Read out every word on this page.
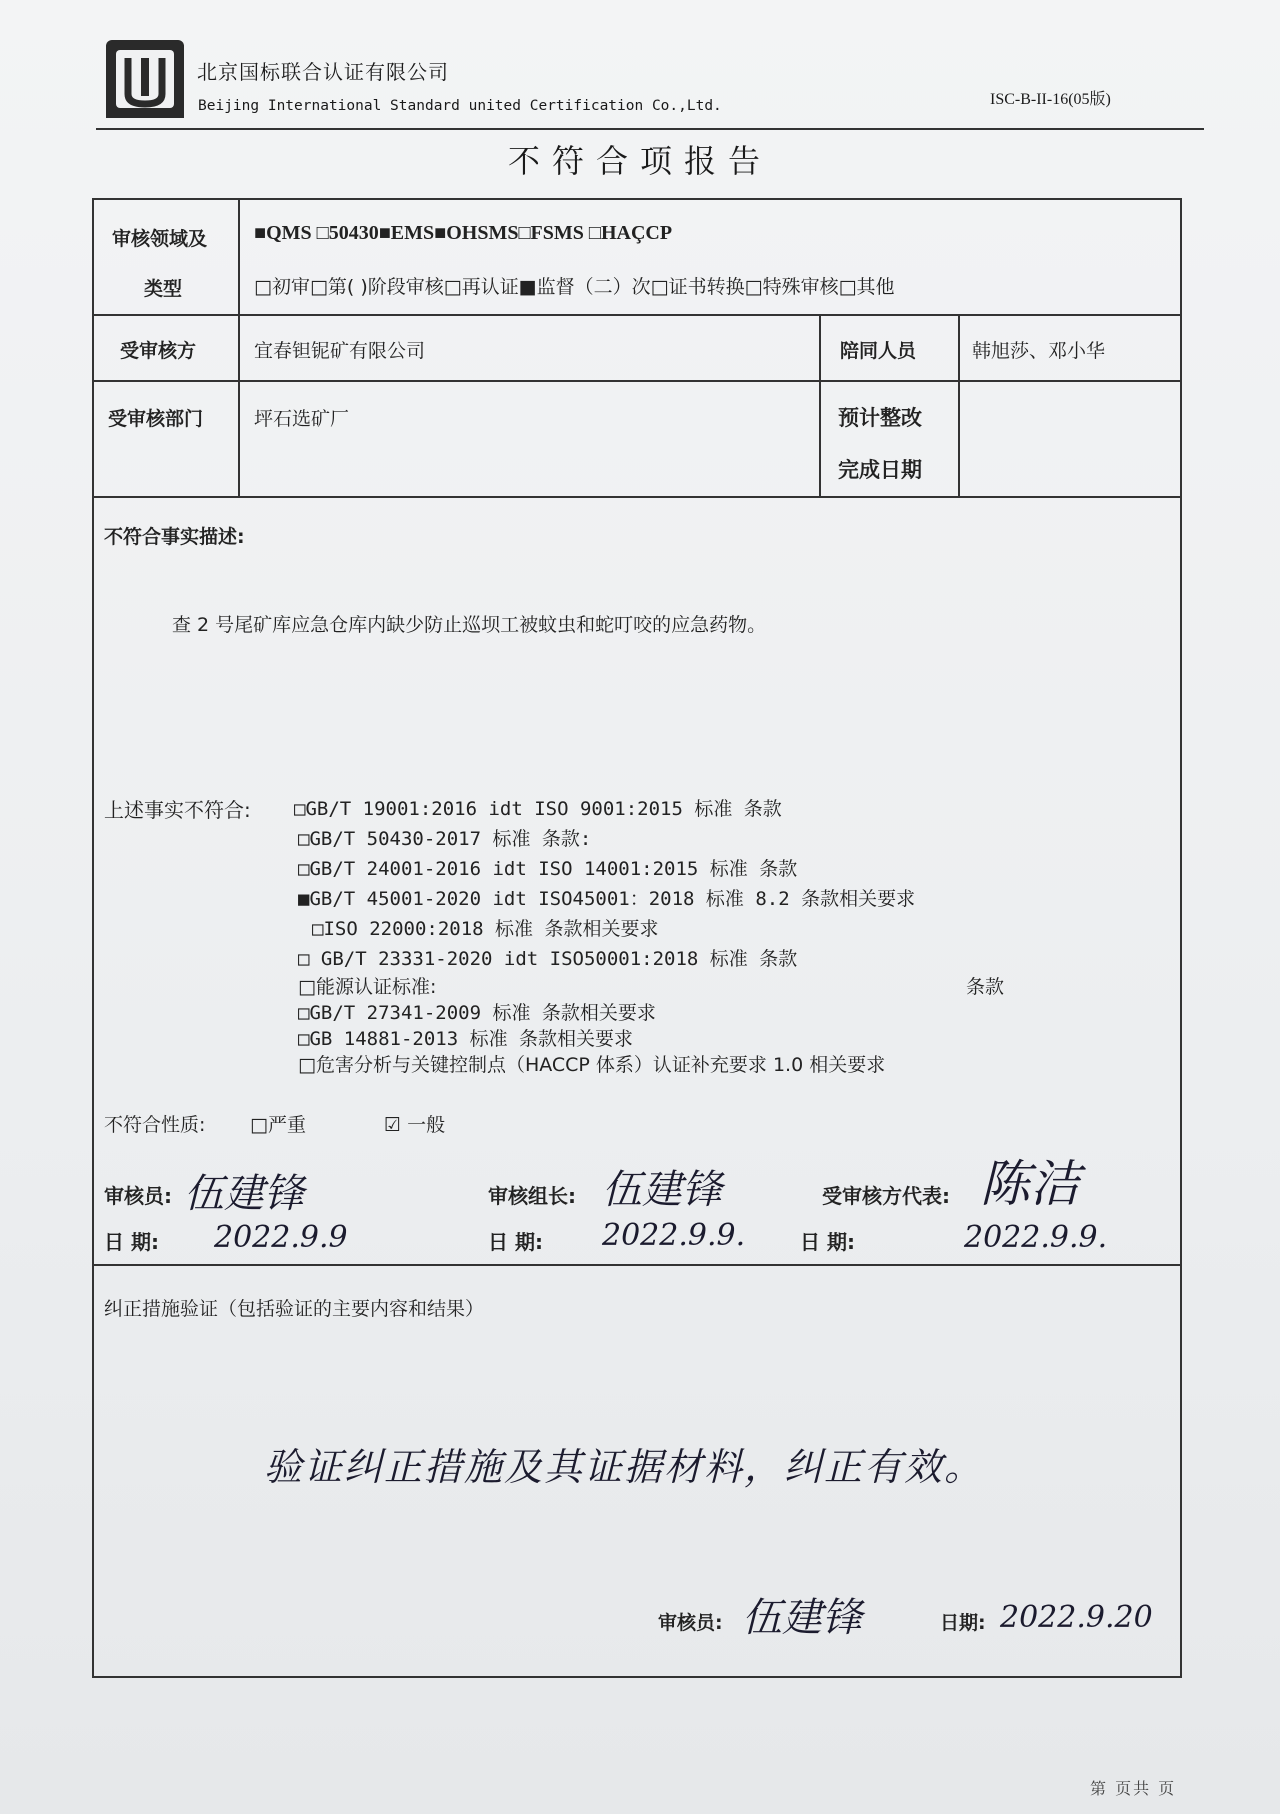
北京国标联合认证有限公司
Beijing International Standard united Certification Co.,Ltd.	ISC-B-II-16(05版)
不符合项报告
审核领域及
类型
■QMS □50430■EMS■OHSMS□FSMS □HAÇCP
□初审□第( )阶段审核□再认证■监督（二）次□证书转换□特殊审核□其他
受审核方	宜春钽铌矿有限公司	陪同人员	韩旭莎、邓小华
受审核部门	坪石选矿厂	预计整改
完成日期
不符合事实描述:
查 2 号尾矿库应急仓库内缺少防止巡坝工被蚊虫和蛇叮咬的应急药物。
上述事实不符合: □GB/T 19001:2016 idt ISO 9001:2015 标准 条款
□GB/T 50430-2017 标准 条款:
□GB/T 24001-2016 idt ISO 14001:2015 标准 条款
■GB/T 45001-2020 idt ISO45001：2018 标准 8.2 条款相关要求
□ISO 22000:2018 标准 条款相关要求
□ GB/T 23331-2020 idt ISO50001:2018 标准 条款
□能源认证标准:	条款
□GB/T 27341-2009 标准 条款相关要求
□GB 14881-2013 标准 条款相关要求
□危害分析与关键控制点（HACCP 体系）认证补充要求 1.0 相关要求
不符合性质: □严重	☑ 一般
审核员: 伍建锋
日 期: 2022.9.9
审核组长: 伍建锋
日 期: 2022.9.9.
受审核方代表: 陈洁
日 期:	2022.9.9.
纠正措施验证（包括验证的主要内容和结果）
验证纠正措施及其证据材料，纠正有效。
审核员: 伍建锋	日期: 2022.9.20
第 页共 页
